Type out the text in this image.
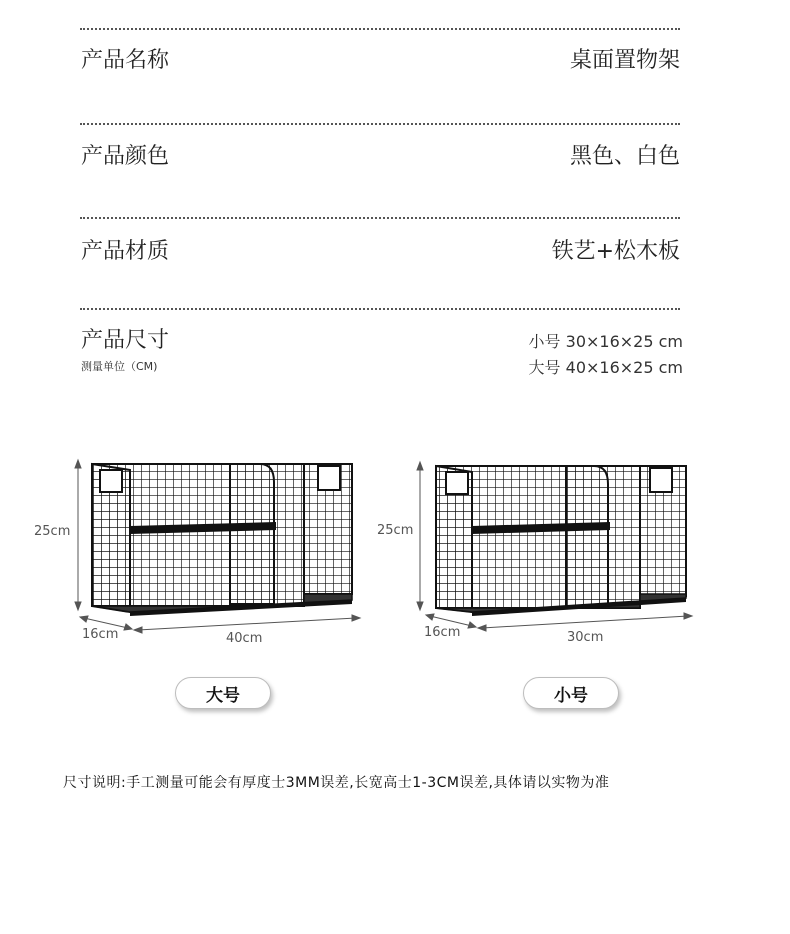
产品名称	桌面置物架
产品颜色	黑色、白色
产品材质	铁艺+松木板
产品尺寸
测量单位（CM)
小号 30×16×25 cm
大号 40×16×25 cm
25cm
16cm	40cm
25cm
16cm	30cm
大号	小号
尺寸说明:手工测量可能会有厚度士3MM误差,长宽高士1-3CM误差,具体请以实物为准
